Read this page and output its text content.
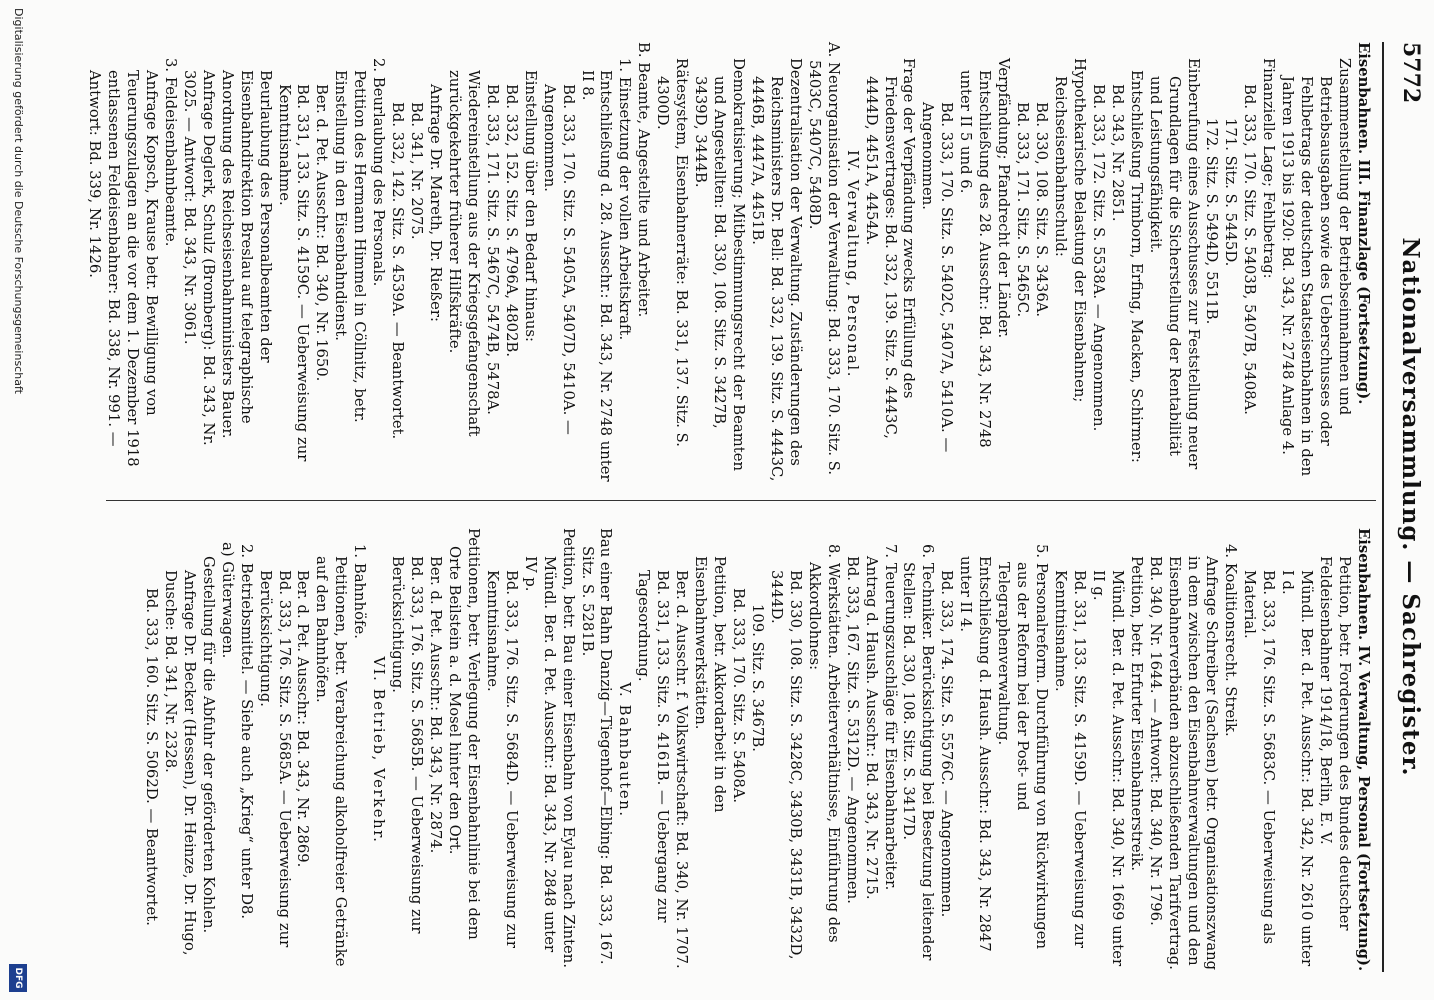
5772
Nationalversammlung. — Sachregister.

Eisenbahnen. III. Finanzlage (Fortsetzung).

Zusammenstellung der Betriebseinnahmen und Betriebsausgaben sowie des Ueberschusses oder Fehlbetrags der deutschen Staatseisenbahnen in den Jahren 1913 bis 1920: Bd. 343, Nr. 2748 Anlage 4.

Finanzielle Lage; Fehlbetrag:

Bd. 333, 170. Sitz. S. 5403B, 5407B, 5408A.

171. Sitz. S. 5445D.

172. Sitz. S. 5494D, 5511B.

Einberufung eines Ausschusses zur Feststellung neuer Grundlagen für die Sicherstellung der Rentabilität und Leistungsfähigkeit.

Entschließung Trimborn, Erfing, Macken, Schirmer:

Bd. 343, Nr. 2851.

Bd. 333, 172. Sitz. S. 5538A. — Angenommen.

Hypothekarische Belastung der Eisenbahnen; Reichseisenbahnschuld:

Bd. 330, 108. Sitz. S. 3436A.

Bd. 333, 171. Sitz. S. 5465C.

Verpfändung; Pfandrecht der Länder.

Entschließung des 28. Ausschr.: Bd. 343, Nr. 2748 unter II 5 und 6.

Bd. 333, 170. Sitz. S. 5402C, 5407A, 5410A. — Angenommen.

Frage der Verpfändung zwecks Erfüllung des Friedensvertrages: Bd. 332, 139. Sitz. S. 4443C, 4444D, 4451A, 4454A.

IV. Verwaltung, Personal.

A. Neuorganisation der Verwaltung: Bd. 333, 170. Sitz. S. 5403C, 5407C, 5408D.

Dezentralisation der Verwaltung. Zuständerungen des Reichsministers Dr. Bell: Bd. 332, 139. Sitz. S. 4443C, 4446B, 4447A, 4451B.

Demokratisierung; Mitbestimmungsrecht der Beamten und Angestellten: Bd. 330, 108. Sitz. S. 3427B, 3439D, 3444B.

Rätesystem, Eisenbahnerräte: Bd. 331, 137. Sitz. S. 4300D.

B. Beamte, Angestellte und Arbeiter.

1. Einsetzung der vollen Arbeitskraft.

Entschließung d. 28. Ausschr.: Bd. 343, Nr. 2748 unter II 8.

Bd. 333, 170. Sitz. S. 5405A, 5407D, 5410A. — Angenommen.

Einstellung über den Bedarf hinaus:

Bd. 332, 152. Sitz. S. 4796A, 4802B.

Bd. 333, 171. Sitz. S. 5467C, 5474B, 5478A.

Wiedereinstellung aus der Kriegsgefangenschaft zurückgekehrter früherer Hilfskräfte.

Anfrage Dr. Mareth, Dr. Rießer:

Bd. 341, Nr. 2075.

Bd. 332, 142. Sitz. S. 4539A. — Beantwortet.

2. Beurlaubung des Personals.

Petition des Hermann Himmel in Cöllnitz, betr. Einstellung in den Eisenbahndienst.

Ber. d. Pet. Ausschr.: Bd. 340, Nr. 1650.

Bd. 331, 133. Sitz. S. 4159C. — Ueberweisung zur Kenntnisnahme.

Beurlaubung des Personalbeamten der Eisenbahndirektion Breslau auf telegraphische Anordnung des Reichseisenbahnministers Bauer.

Anfrage Deglerk, Schulz (Bromberg): Bd. 343, Nr. 3025. — Antwort: Bd. 343, Nr. 3061.

3. Feldeisenbahnbeamte.

Anfrage Kopsch, Krause betr. Bewilligung von Teuerungszulagen an die vor dem 1. Dezember 1918 entlassenen Feldeisenbahner: Bd. 338, Nr. 991. — Antwort: Bd. 339, Nr. 1426.

Eisenbahnen. IV. Verwaltung, Personal (Fortsetzung).

Petition, betr. Forderungen des Bundes deutscher Feldeisenbahner 1914/18, Berlin, E. V.

Mündl. Ber. d. Pet. Ausschr.: Bd. 342, Nr. 2610 unter I d.

Bd. 333, 176. Sitz. S. 5683C. — Ueberweisung als Material.

4. Koalitionsrecht. Streik.

Anfrage Schreiber (Sachsen) betr. Organisationszwang in dem zwischen den Eisenbahnverwaltungen und den Eisenbahnerverbänden abzuschließenden Tarifvertrag. Bd. 340, Nr. 1644. — Antwort: Bd. 340, Nr. 1796.

Petition, betr. Erfurter Eisenbahnerstreik.

Mündl. Ber. d. Pet. Ausschr.: Bd. 340, Nr. 1669 unter II g.

Bd. 331, 133. Sitz. S. 4159D. — Ueberweisung zur Kenntnisnahme.

5. Personalreform. Durchführung von Rückwirkungen aus der Reform bei der Post- und Telegraphenverwaltung.

Entschließung d. Haush. Ausschr.: Bd. 343, Nr. 2847 unter II 4.

Bd. 333, 174. Sitz. S. 5576C. — Angenommen.

6. Techniker. Berücksichtigung bei Besetzung leitender Stellen: Bd. 330, 108. Sitz. S. 3417D.

7. Teuerungszuschläge für Eisenbahnarbeiter.

Antrag d. Haush. Ausschr.: Bd. 343, Nr. 2715.

Bd. 333, 167. Sitz. S. 5312D. — Angenommen.

8. Werkstätten. Arbeiterverhältnisse, Einführung des Akkordlohnes:

Bd. 330, 108. Sitz. S. 3428C, 3430B, 3431B, 3432D, 3444D.

109. Sitz. S. 3467B.

Bd. 333, 170. Sitz. S. 5408A.

Petition, betr. Akkordarbeit in den Eisenbahnwerkstätten.

Ber. d. Ausschr. f. Volkswirtschaft: Bd. 340, Nr. 1707.

Bd. 331, 133. Sitz. S. 4161B. — Uebergang zur Tagesordnung.

V. Bahnbauten.

Bau einer Bahn Danzig—Tiegenhof—Elbing: Bd. 333, 167. Sitz. S. 5281B.

Petition, betr. Bau einer Eisenbahn von Eylau nach Zinten.

Mündl. Ber. d. Pet. Ausschr.: Bd. 343, Nr. 2848 unter IV p.

Bd. 333, 176. Sitz. S. 5684D. — Ueberweisung zur Kenntnisnahme.

Petitionen, betr. Verlegung der Eisenbahnlinie bei dem Orte Beilstein a. d. Mosel hinter den Ort.

Ber. d. Pet. Ausschr.: Bd. 343, Nr. 2874.

Bd. 333, 176. Sitz. S. 5685B. — Ueberweisung zur Berücksichtigung.

VI. Betrieb, Verkehr.

1. Bahnhöfe.

Petitionen, betr. Verabreichung alkoholfreier Getränke auf den Bahnhöfen.

Ber. d. Pet. Ausschr.: Bd. 343, Nr. 2869.

Bd. 333, 176. Sitz. S. 5685A. — Ueberweisung zur Berücksichtigung.

2. Betriebsmittel. — Siehe auch „Krieg“ unter D8.

a) Güterwagen.

Gestellung für die Abfuhr der geförderten Kohlen.

Anfrage Dr. Becker (Hessen), Dr. Heinze, Dr. Hugo, Dusche: Bd. 341, Nr. 2328.

Bd. 333, 160. Sitz. S. 5062D. — Beantwortet.

Digitalisierung gefördert durch die Deutsche Forschungsgemeinschaft
DFG
